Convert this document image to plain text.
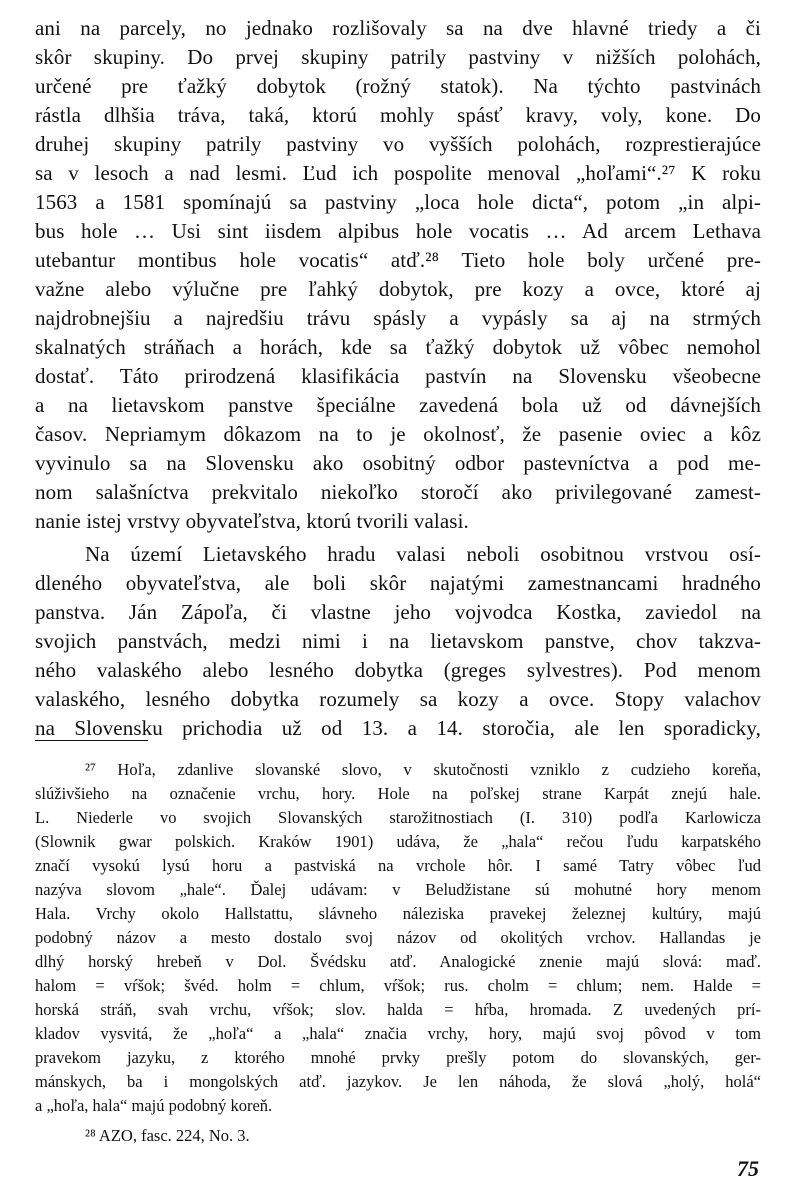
ani na parcely, no jednako rozlišovaly sa na dve hlavné triedy a či
skôr skupiny. Do prvej skupiny patrily pastviny v nižších polohách,
určené pre ťažký dobytok (rožný statok). Na týchto pastvinách
rástla dlhšia tráva, taká, ktorú mohly spásť kravy, voly, kone. Do
druhej skupiny patrily pastviny vo vyšších polohách, rozprestierajúce
sa v lesoch a nad lesmi. Ľud ich pospolite menoval „hoľami“.²⁷ K roku
1563 a 1581 spomínajú sa pastviny „loca hole dicta“, potom „in alpi-
bus hole … Usi sint iisdem alpibus hole vocatis … Ad arcem Lethava
utebantur montibus hole vocatis“ atď.²⁸ Tieto hole boly určené pre-
važne alebo výlučne pre ľahký dobytok, pre kozy a ovce, ktoré aj
najdrobnejšiu a najredšiu trávu spásly a vypásly sa aj na strmých
skalnatých stráňach a horách, kde sa ťažký dobytok už vôbec nemohol
dostať. Táto prirodzená klasifikácia pastvín na Slovensku všeobecne
a na lietavskom panstve špeciálne zavedená bola už od dávnejších
časov. Nepriamym dôkazom na to je okolnosť, že pasenie oviec a kôz
vyvinulo sa na Slovensku ako osobitný odbor pastevníctva a pod me-
nom salašníctva prekvitalo niekoľko storočí ako privilegované zamest-
nanie istej vrstvy obyvateľstva, ktorú tvorili valasi.
Na území Lietavského hradu valasi neboli osobitnou vrstvou osí-
dleného obyvateľstva, ale boli skôr najatými zamestnancami hradného
panstva. Ján Zápoľa, či vlastne jeho vojvodca Kostka, zaviedol na
svojich panstvách, medzi nimi i na lietavskom panstve, chov takzva-
ného valaského alebo lesného dobytka (greges sylvestres). Pod menom
valaského, lesného dobytka rozumely sa kozy a ovce. Stopy valachov
na Slovensku prichodia už od 13. a 14. storočia, ale len sporadicky,
²⁷ Hoľa, zdanlive slovanské slovo, v skutočnosti vzniklo z cudzieho koreňa,
slúživšieho na označenie vrchu, hory. Hole na poľskej strane Karpát znejú hale.
L. Niederle vo svojich Slovanských starožitnostiach (I. 310) podľa Karlowicza
(Slownik gwar polskich. Kraków 1901) udáva, že „hala“ rečou ľudu karpatského
značí vysokú lysú horu a pastviská na vrchole hôr. I samé Tatry vôbec ľud
nazýva slovom „hale“. Ďalej udávam: v Beludžistane sú mohutné hory menom
Hala. Vrchy okolo Hallstattu, slávneho náleziska pravekej železnej kultúry, majú
podobný názov a mesto dostalo svoj názov od okolitých vrchov. Hallandas je
dlhý horský hrebeň v Dol. Švédsku atď. Analogické znenie majú slová: maď.
halom = vŕšok; švéd. holm = chlum, vŕšok; rus. cholm = chlum; nem. Halde =
horská stráň, svah vrchu, vŕšok; slov. halda = hŕba, hromada. Z uvedených prí-
kladov vysvitá, že „hoľa“ a „hala“ značia vrchy, hory, majú svoj pôvod v tom
pravekom jazyku, z ktorého mnohé prvky prešly potom do slovanských, ger-
mánskych, ba i mongolských atď. jazykov. Je len náhoda, že slová „holý, holá“
a „hoľa, hala“ majú podobný koreň.
²⁸ AZO, fasc. 224, No. 3.
75
